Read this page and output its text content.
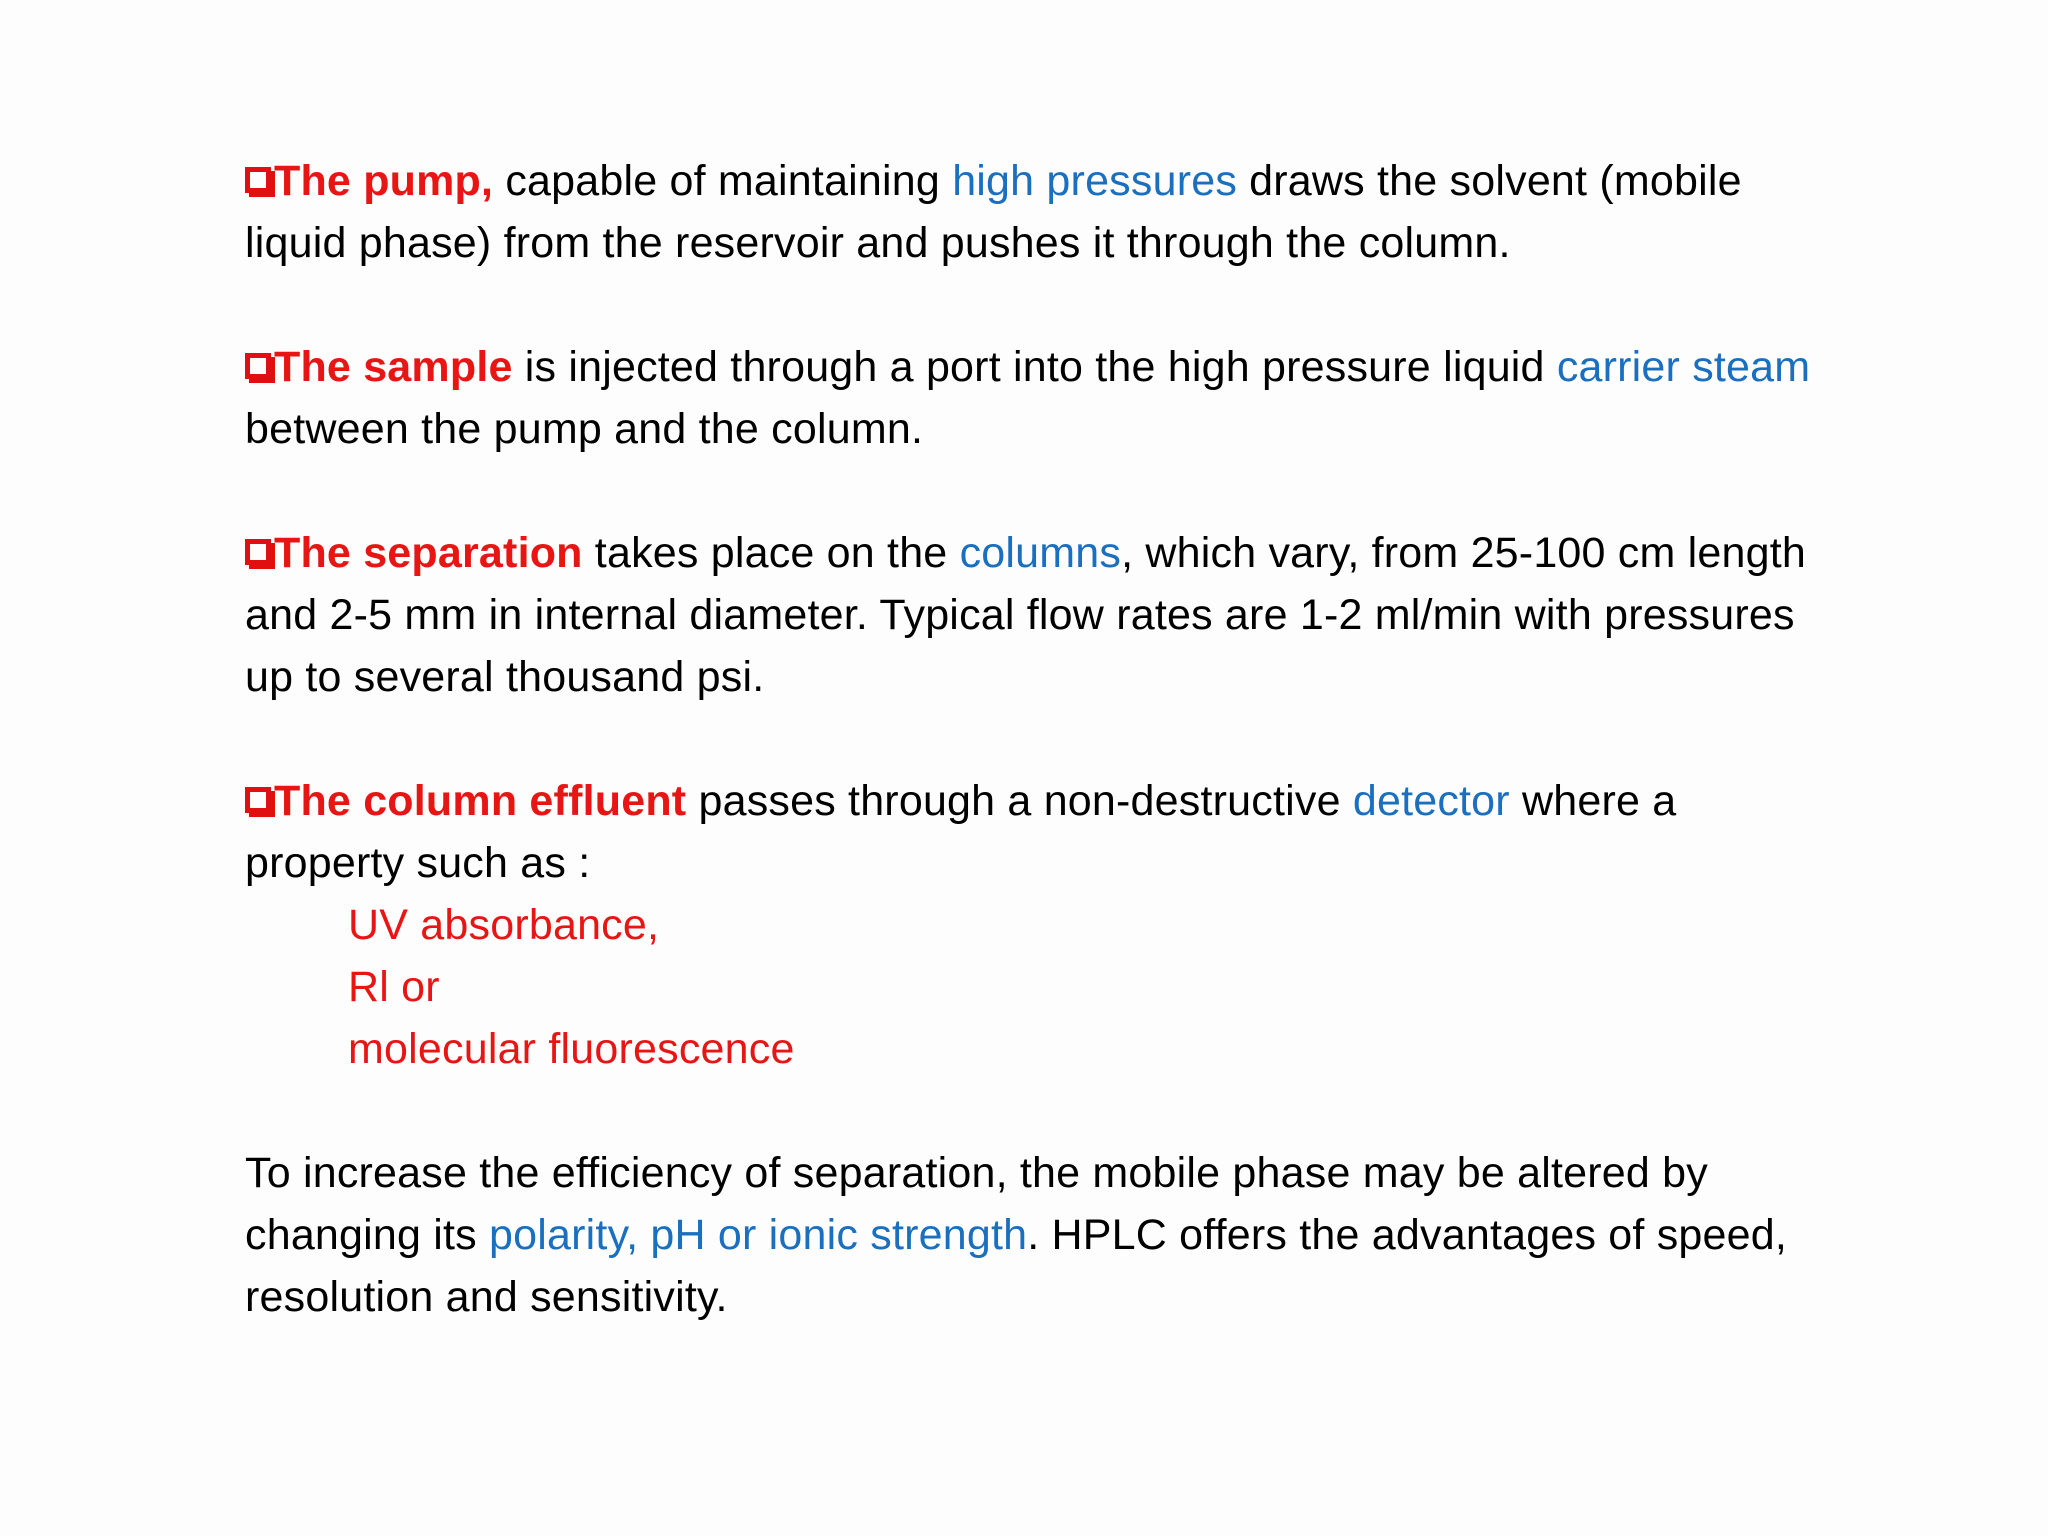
The pump, capable of maintaining high pressures draws the solvent (mobile liquid phase) from the reservoir and pushes it through the column.

The sample is injected through a port into the high pressure liquid carrier steam between the pump and the column.

The separation takes place on the columns, which vary, from 25-100 cm length and 2-5 mm in internal diameter. Typical flow rates are 1-2 ml/min with pressures up to several thousand psi.

The column effluent passes through a non-destructive detector where a property such as :
UV absorbance,
Rl or
molecular fluorescence

To increase the efficiency of separation, the mobile phase may be altered by changing its polarity, pH or ionic strength. HPLC offers the advantages of speed, resolution and sensitivity.
